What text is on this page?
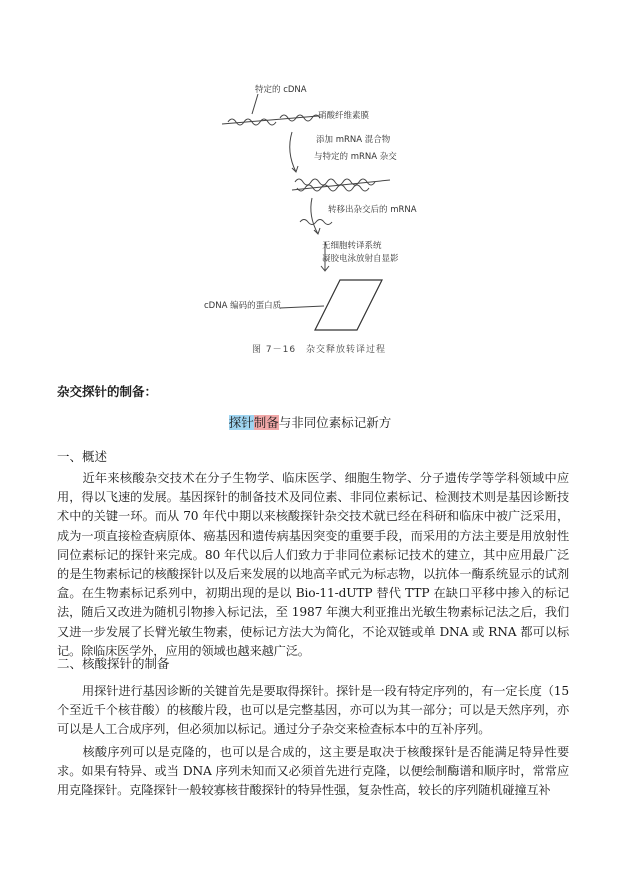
特定的 cDNA
硝酸纤维素膜
添加 mRNA 混合物
与特定的 mRNA 杂交
转移出杂交后的 mRNA
无细胞转译系统
凝胶电泳放射自显影
cDNA 编码的蛋白质
图 7－16　杂交释放转译过程
杂交探针的制备：
探针制备与非同位素标记新方
一、概述
近年来核酸杂交技术在分子生物学、临床医学、细胞生物学、分子遗传学等学科领域中应用，得以飞速的发展。基因探针的制备技术及同位素、非同位素标记、检测技术则是基因诊断技术中的关键一环。而从 70 年代中期以来核酸探针杂交技术就已经在科研和临床中被广泛采用，成为一项直接检查病原体、癌基因和遗传病基因突变的重要手段，而采用的方法主要是用放射性同位素标记的探针来完成。80 年代以后人们致力于非同位素标记技术的建立，其中应用最广泛的是生物素标记的核酸探针以及后来发展的以地高辛甙元为标志物，以抗体一酶系统显示的试剂盒。在生物素标记系列中，初期出现的是以 Bio-11-dUTP 替代 TTP 在缺口平移中掺入的标记法，随后又改进为随机引物掺入标记法，至 1987 年澳大利亚推出光敏生物素标记法之后，我们又进一步发展了长臂光敏生物素，使标记方法大为简化，不论双链或单 DNA 或 RNA 都可以标记。除临床医学外，应用的领域也越来越广泛。
二、核酸探针的制备
用探针进行基因诊断的关键首先是要取得探针。探针是一段有特定序列的，有一定长度（15 个至近千个核苷酸）的核酸片段，也可以是完整基因，亦可以为其一部分；可以是天然序列，亦可以是人工合成序列，但必须加以标记。通过分子杂交来检查标本中的互补序列。
核酸序列可以是克隆的，也可以是合成的，这主要是取决于核酸探针是否能满足特异性要求。如果有特异、或当 DNA 序列未知而又必须首先进行克隆，以便绘制酶谱和顺序时，常常应用克隆探针。克隆探针一般较寡核苷酸探针的特异性强，复杂性高，较长的序列随机碰撞互补
